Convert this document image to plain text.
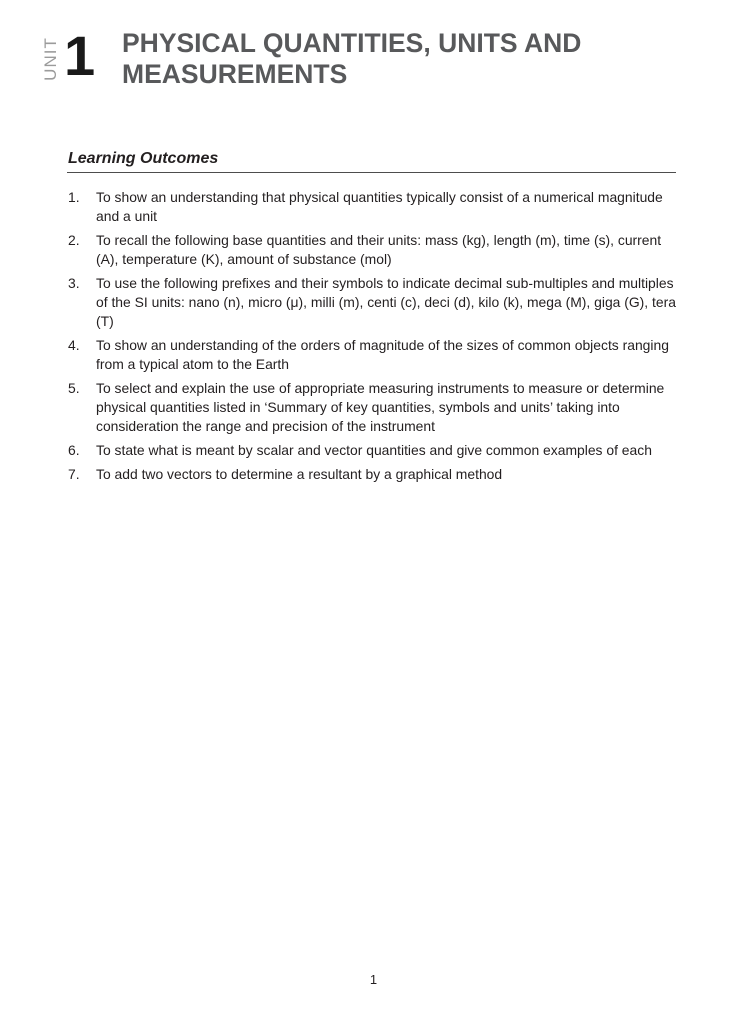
UNIT 1 PHYSICAL QUANTITIES, UNITS AND
MEASUREMENTS
Learning Outcomes
1.	To show an understanding that physical quantities typically consist of a numerical magnitude and a unit
2.	To recall the following base quantities and their units: mass (kg), length (m), time (s), current (A), temperature (K), amount of substance (mol)
3.	To use the following prefixes and their symbols to indicate decimal sub-multiples and multiples of the SI units: nano (n), micro (μ), milli (m), centi (c), deci (d), kilo (k), mega (M), giga (G), tera (T)
4.	To show an understanding of the orders of magnitude of the sizes of common objects ranging from a typical atom to the Earth
5.	To select and explain the use of appropriate measuring instruments to measure or determine physical quantities listed in ‘Summary of key quantities, symbols and units’ taking into consideration the range and precision of the instrument
6.	To state what is meant by scalar and vector quantities and give common examples of each
7.	To add two vectors to determine a resultant by a graphical method
1
